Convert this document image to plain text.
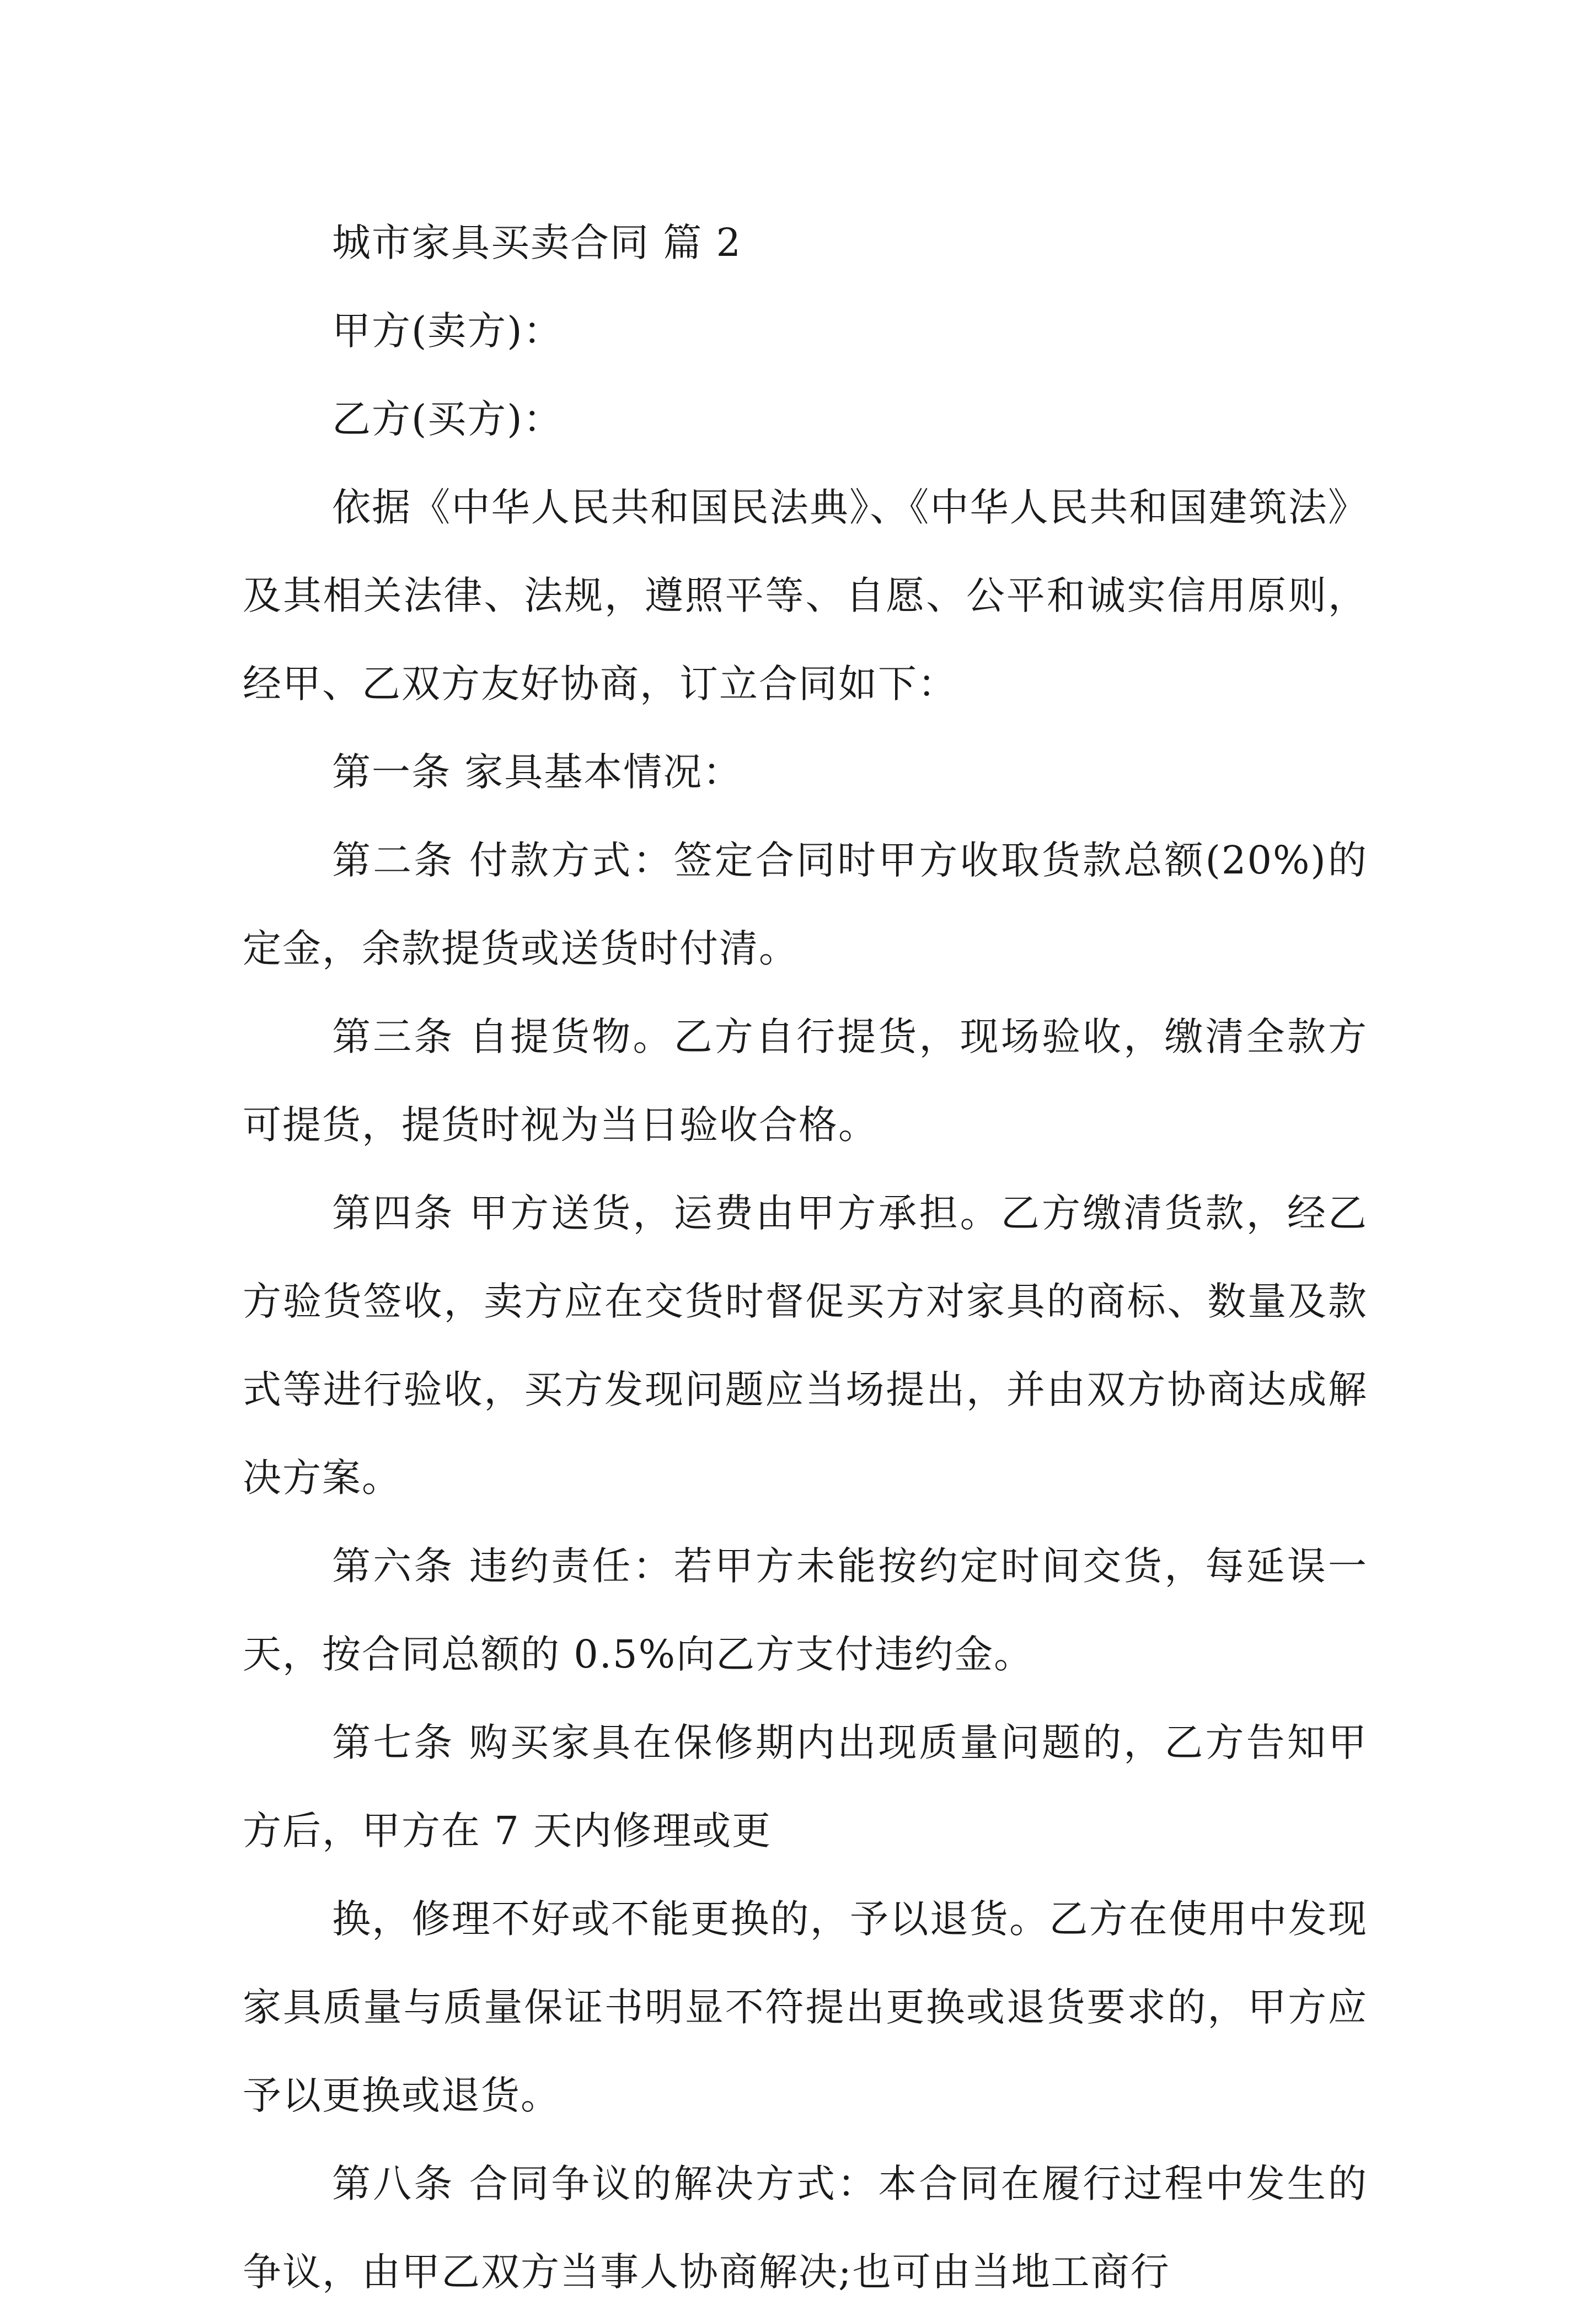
城市家具买卖合同 篇 2

甲方(卖方)：

乙方(买方)：

依据《中华人民共和国民法典》、《中华人民共和国建筑法》及其相关法律、法规，遵照平等、自愿、公平和诚实信用原则，经甲、乙双方友好协商，订立合同如下：

第一条 家具基本情况：

第二条 付款方式：签定合同时甲方收取货款总额(20%)的定金，余款提货或送货时付清。

第三条 自提货物。乙方自行提货，现场验收，缴清全款方可提货，提货时视为当日验收合格。

第四条 甲方送货，运费由甲方承担。乙方缴清货款，经乙方验货签收，卖方应在交货时督促买方对家具的商标、数量及款式等进行验收，买方发现问题应当场提出，并由双方协商达成解决方案。

第六条 违约责任：若甲方未能按约定时间交货，每延误一天，按合同总额的 0.5%向乙方支付违约金。

第七条 购买家具在保修期内出现质量问题的，乙方告知甲方后，甲方在 7 天内修理或更

换，修理不好或不能更换的，予以退货。乙方在使用中发现家具质量与质量保证书明显不符提出更换或退货要求的，甲方应予以更换或退货。

第八条 合同争议的解决方式：本合同在履行过程中发生的争议，由甲乙双方当事人协商解决;也可由当地工商行
